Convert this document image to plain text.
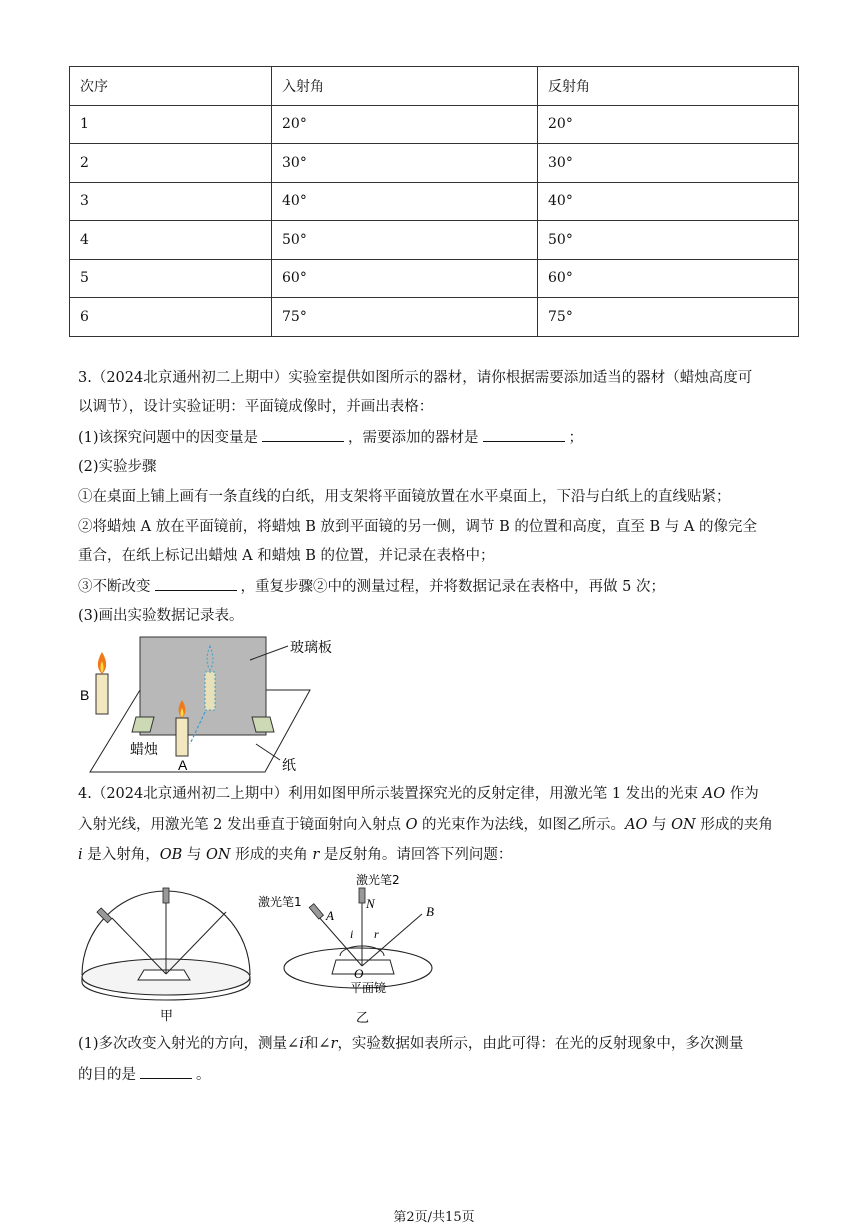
次序	入射角	反射角
1	20°	20°
2	30°	30°
3	40°	40°
4	50°	50°
5	60°	60°
6	75°	75°
3.（2024北京通州初二上期中）实验室提供如图所示的器材，请你根据需要添加适当的器材（蜡烛高度可
以调节），设计实验证明：平面镜成像时，并画出表格：
(1)该探究问题中的因变量是	，需要添加的器材是	；
(2)实验步骤
①在桌面上铺上画有一条直线的白纸，用支架将平面镜放置在水平桌面上，下沿与白纸上的直线贴紧；
②将蜡烛 A 放在平面镜前，将蜡烛 B 放到平面镜的另一侧，调节 B 的位置和高度，直至 B 与 A 的像完全
重合，在纸上标记出蜡烛 A 和蜡烛 B 的位置，并记录在表格中；
③不断改变	，重复步骤②中的测量过程，并将数据记录在表格中，再做 5 次；
(3)画出实验数据记录表。
B
A
玻璃板
蜡烛
纸
4.（2024北京通州初二上期中）利用如图甲所示装置探究光的反射定律，用激光笔 1 发出的光束 AO 作为
入射光线，用激光笔 2 发出垂直于镜面射向入射点 O 的光束作为法线，如图乙所示。AO 与 ON 形成的夹角
i 是入射角，OB 与 ON 形成的夹角 r 是反射角。请回答下列问题：
甲
激光笔2
激光笔1
A	B
N
O
i r
平面镜
乙
(1)多次改变入射光的方向，测量∠i和∠r，实验数据如表所示，由此可得：在光的反射现象中，多次测量
的目的是	。
第2页/共15页
